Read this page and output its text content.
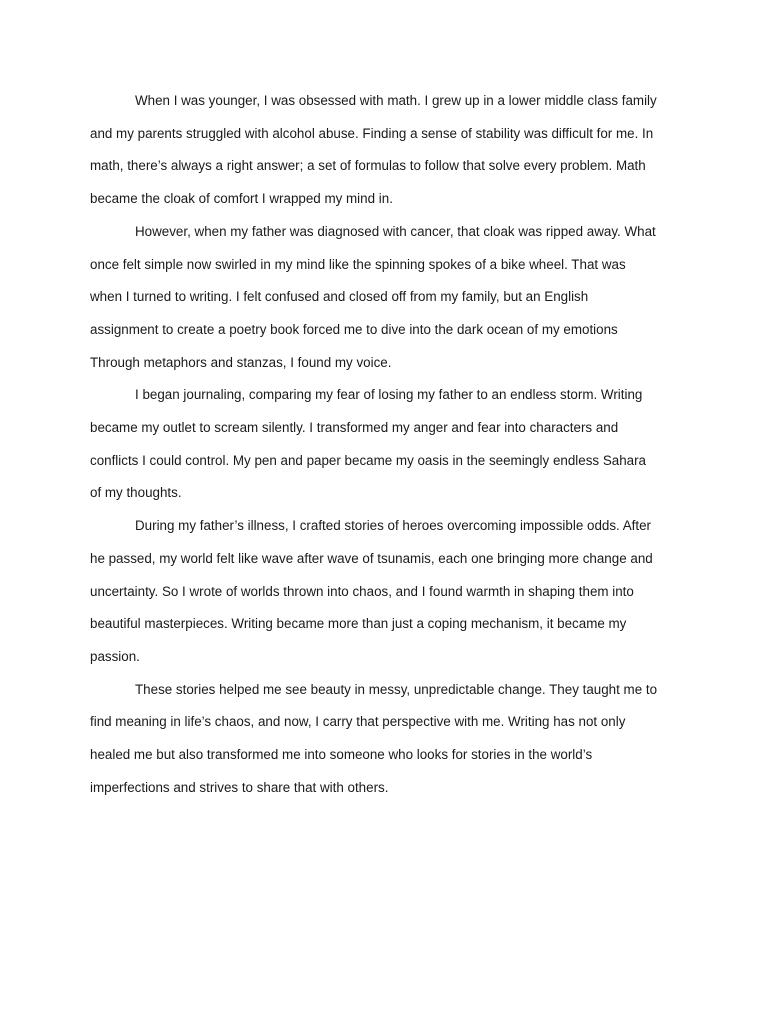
When I was younger, I was obsessed with math. I grew up in a lower middle class family
and my parents struggled with alcohol abuse. Finding a sense of stability was difficult for me. In
math, there’s always a right answer; a set of formulas to follow that solve every problem. Math
became the cloak of comfort I wrapped my mind in.
However, when my father was diagnosed with cancer, that cloak was ripped away. What
once felt simple now swirled in my mind like the spinning spokes of a bike wheel. That was
when I turned to writing. I felt confused and closed off from my family, but an English
assignment to create a poetry book forced me to dive into the dark ocean of my emotions
Through metaphors and stanzas, I found my voice.
I began journaling, comparing my fear of losing my father to an endless storm. Writing
became my outlet to scream silently. I transformed my anger and fear into characters and
conflicts I could control. My pen and paper became my oasis in the seemingly endless Sahara
of my thoughts.
During my father’s illness, I crafted stories of heroes overcoming impossible odds. After
he passed, my world felt like wave after wave of tsunamis, each one bringing more change and
uncertainty. So I wrote of worlds thrown into chaos, and I found warmth in shaping them into
beautiful masterpieces. Writing became more than just a coping mechanism, it became my
passion.
These stories helped me see beauty in messy, unpredictable change. They taught me to
find meaning in life’s chaos, and now, I carry that perspective with me. Writing has not only
healed me but also transformed me into someone who looks for stories in the world’s
imperfections and strives to share that with others.
